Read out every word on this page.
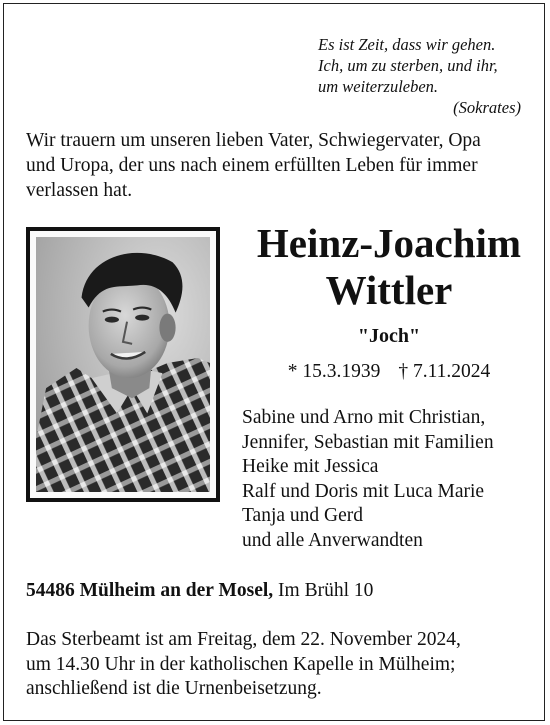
Es ist Zeit, dass wir gehen.
Ich, um zu sterben, und ihr,
um weiterzuleben.
(Sokrates)
Wir trauern um unseren lieben Vater, Schwiegervater, Opa
und Uropa, der uns nach einem erfüllten Leben für immer
verlassen hat.
Heinz-Joachim
Wittler
"Joch"
* 15.3.1939 † 7.11.2024
Sabine und Arno mit Christian,
Jennifer, Sebastian mit Familien
Heike mit Jessica
Ralf und Doris mit Luca Marie
Tanja und Gerd
und alle Anverwandten
54486 Mülheim an der Mosel, Im Brühl 10
Das Sterbeamt ist am Freitag, dem 22. November 2024,
um 14.30 Uhr in der katholischen Kapelle in Mülheim;
anschließend ist die Urnenbeisetzung.
